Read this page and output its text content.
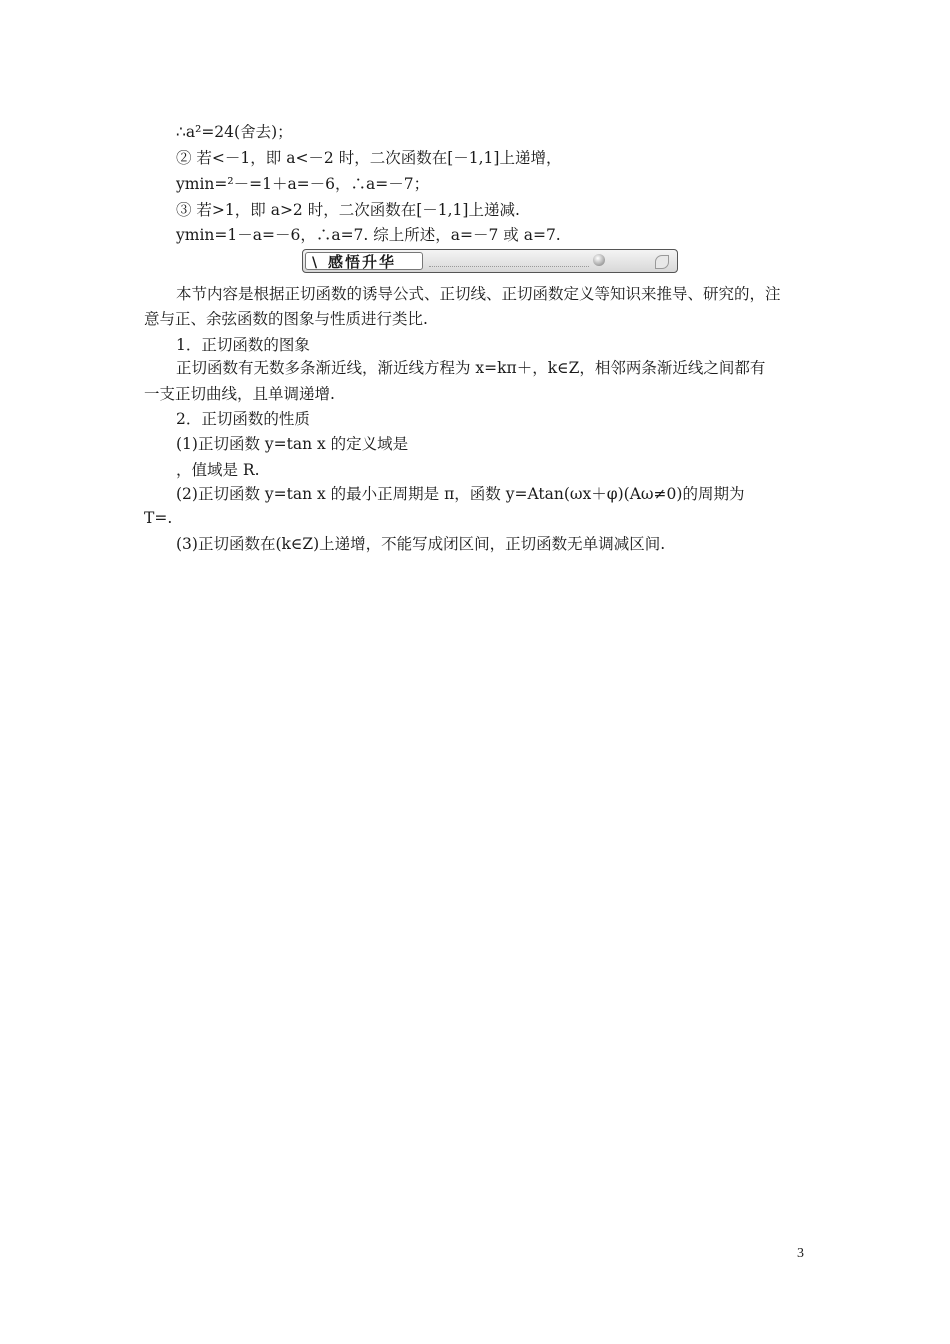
∴a²=24(舍去)；
② 若<－1，即 a<－2 时，二次函数在[－1,1]上递增，
ymin=²－=1＋a=－6，∴a=－7；
③ 若>1，即 a>2 时，二次函数在[－1,1]上递减.
ymin=1－a=－6，∴a=7. 综上所述，a=－7 或 a=7.
\ 感悟升华
本节内容是根据正切函数的诱导公式、正切线、正切函数定义等知识来推导、研究的，注
意与正、余弦函数的图象与性质进行类比.
1．正切函数的图象
正切函数有无数多条渐近线，渐近线方程为 x=kπ＋，k∈Z，相邻两条渐近线之间都有
一支正切曲线，且单调递增.
2．正切函数的性质
(1)正切函数 y=tan x 的定义域是
，值域是 R.
(2)正切函数 y=tan x 的最小正周期是 π，函数 y=Atan(ωx＋φ)(Aω≠0)的周期为
T=.
(3)正切函数在(k∈Z)上递增，不能写成闭区间，正切函数无单调减区间.
3
